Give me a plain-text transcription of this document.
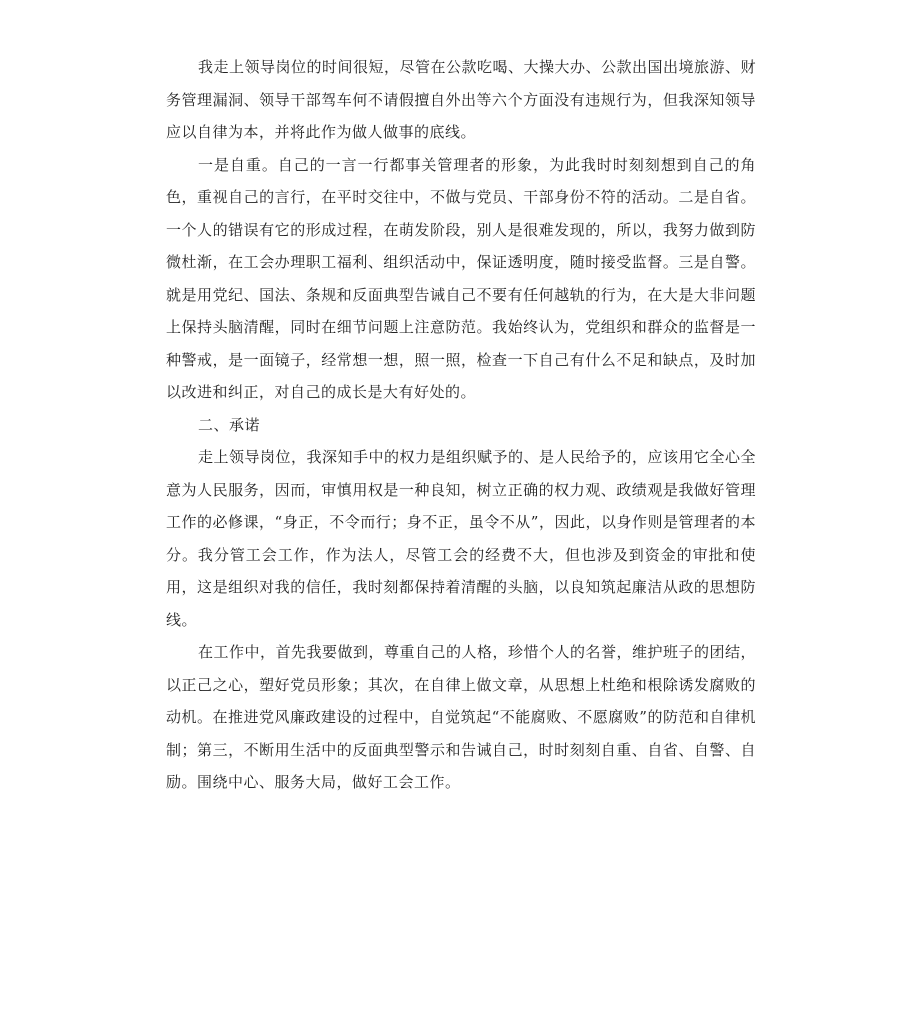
我走上领导岗位的时间很短，尽管在公款吃喝、大操大办、公款出国出境旅游、财务管理漏洞、领导干部驾车何不请假擅自外出等六个方面没有违规行为，但我深知领导应以自律为本，并将此作为做人做事的底线。

一是自重。自己的一言一行都事关管理者的形象，为此我时时刻刻想到自己的角色，重视自己的言行，在平时交往中，不做与党员、干部身份不符的活动。二是自省。一个人的错误有它的形成过程，在萌发阶段，别人是很难发现的，所以，我努力做到防微杜渐，在工会办理职工福利、组织活动中，保证透明度，随时接受监督。三是自警。就是用党纪、国法、条规和反面典型告诫自己不要有任何越轨的行为，在大是大非问题上保持头脑清醒，同时在细节问题上注意防范。我始终认为，党组织和群众的监督是一种警戒，是一面镜子，经常想一想，照一照，检查一下自己有什么不足和缺点，及时加以改进和纠正，对自己的成长是大有好处的。

二、承诺

走上领导岗位，我深知手中的权力是组织赋予的、是人民给予的，应该用它全心全意为人民服务，因而，审慎用权是一种良知，树立正确的权力观、政绩观是我做好管理工作的必修课，“身正，不令而行；身不正，虽令不从”，因此，以身作则是管理者的本分。我分管工会工作，作为法人，尽管工会的经费不大，但也涉及到资金的审批和使用，这是组织对我的信任，我时刻都保持着清醒的头脑，以良知筑起廉洁从政的思想防线。

在工作中，首先我要做到，尊重自己的人格，珍惜个人的名誉，维护班子的团结，以正己之心，塑好党员形象；其次，在自律上做文章，从思想上杜绝和根除诱发腐败的动机。在推进党风廉政建设的过程中，自觉筑起“不能腐败、不愿腐败”的防范和自律机制；第三，不断用生活中的反面典型警示和告诫自己，时时刻刻自重、自省、自警、自励。围绕中心、服务大局，做好工会工作。
